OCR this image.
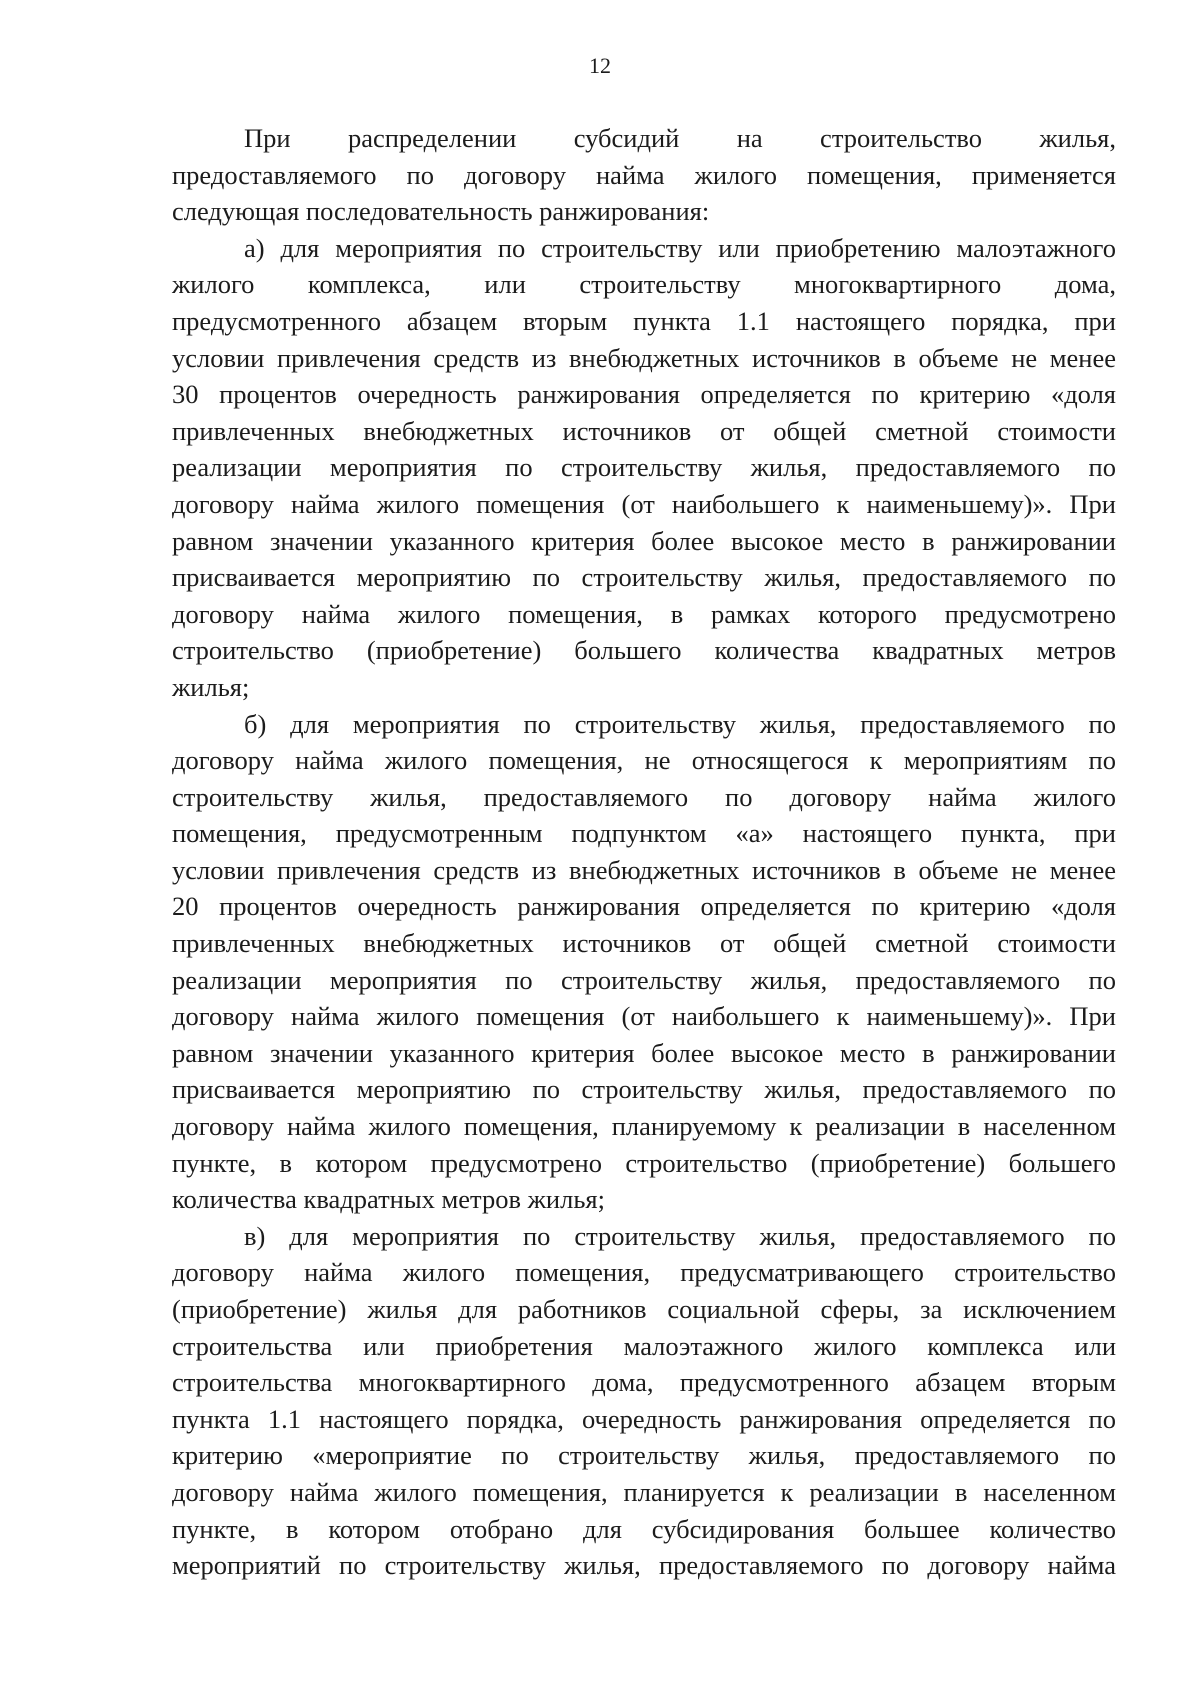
12
При распределении субсидий на строительство жилья,
предоставляемого по договору найма жилого помещения, применяется
следующая последовательность ранжирования:
а) для мероприятия по строительству или приобретению малоэтажного
жилого комплекса, или строительству многоквартирного дома,
предусмотренного абзацем вторым пункта 1.1 настоящего порядка, при
условии привлечения средств из внебюджетных источников в объеме не менее
30 процентов очередность ранжирования определяется по критерию «доля
привлеченных внебюджетных источников от общей сметной стоимости
реализации мероприятия по строительству жилья, предоставляемого по
договору найма жилого помещения (от наибольшего к наименьшему)». При
равном значении указанного критерия более высокое место в ранжировании
присваивается мероприятию по строительству жилья, предоставляемого по
договору найма жилого помещения, в рамках которого предусмотрено
строительство (приобретение) большего количества квадратных метров
жилья;
б) для мероприятия по строительству жилья, предоставляемого по
договору найма жилого помещения, не относящегося к мероприятиям по
строительству жилья, предоставляемого по договору найма жилого
помещения, предусмотренным подпунктом «а» настоящего пункта, при
условии привлечения средств из внебюджетных источников в объеме не менее
20 процентов очередность ранжирования определяется по критерию «доля
привлеченных внебюджетных источников от общей сметной стоимости
реализации мероприятия по строительству жилья, предоставляемого по
договору найма жилого помещения (от наибольшего к наименьшему)». При
равном значении указанного критерия более высокое место в ранжировании
присваивается мероприятию по строительству жилья, предоставляемого по
договору найма жилого помещения, планируемому к реализации в населенном
пункте, в котором предусмотрено строительство (приобретение) большего
количества квадратных метров жилья;
в) для мероприятия по строительству жилья, предоставляемого по
договору найма жилого помещения, предусматривающего строительство
(приобретение) жилья для работников социальной сферы, за исключением
строительства или приобретения малоэтажного жилого комплекса или
строительства многоквартирного дома, предусмотренного абзацем вторым
пункта 1.1 настоящего порядка, очередность ранжирования определяется по
критерию «мероприятие по строительству жилья, предоставляемого по
договору найма жилого помещения, планируется к реализации в населенном
пункте, в котором отобрано для субсидирования большее количество
мероприятий по строительству жилья, предоставляемого по договору найма
